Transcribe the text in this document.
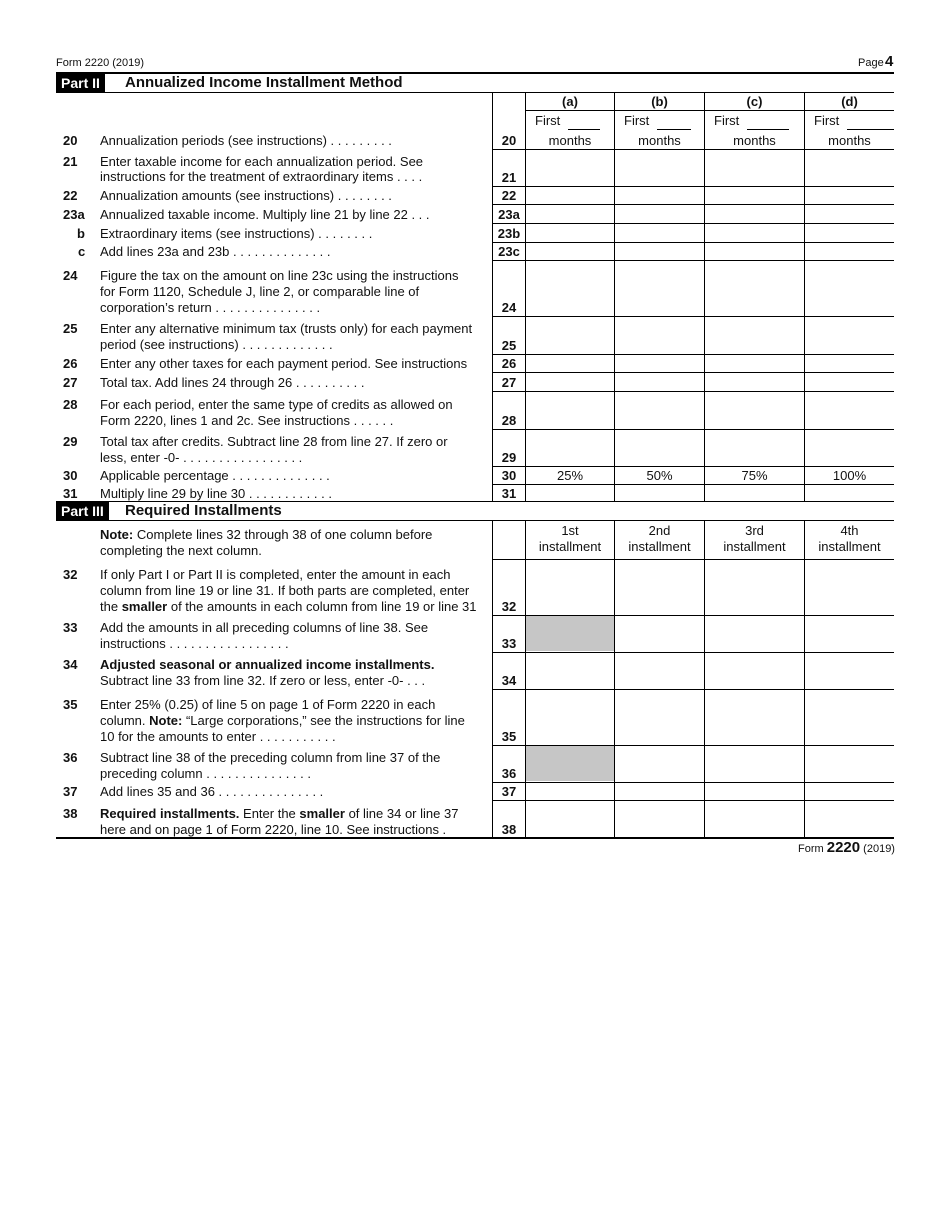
Form 2220 (2019)	Page 4
Part II	Annualized Income Installment Method
(a)	(b)	(c)	(d)
First	First	First	First
months	months	months	months
20 Annualization periods (see instructions) . . . . . . . . .	20
21 Enter taxable income for each annualization period. See
instructions for the treatment of extraordinary items . . . .	21
22 Annualization amounts (see instructions) . . . . . . . .	22
23a Annualized taxable income. Multiply line 21 by line 22 . . .	23a
b Extraordinary items (see instructions) . . . . . . . .	23b
c Add lines 23a and 23b . . . . . . . . . . . . . .	23c
24 Figure the tax on the amount on line 23c using the instructions
for Form 1120, Schedule J, line 2, or comparable line of
corporation’s return . . . . . . . . . . . . . . .	24
25 Enter any alternative minimum tax (trusts only) for each payment
period (see instructions) . . . . . . . . . . . . .	25
26 Enter any other taxes for each payment period. See instructions	26
27 Total tax. Add lines 24 through 26 . . . . . . . . . .	27
28 For each period, enter the same type of credits as allowed on
Form 2220, lines 1 and 2c. See instructions . . . . . .	28
29 Total tax after credits. Subtract line 28 from line 27. If zero or
less, enter -0- . . . . . . . . . . . . . . . . .	29
30 Applicable percentage . . . . . . . . . . . . . .	30	25%	50%	75%	100%
31 Multiply line 29 by line 30 . . . . . . . . . . . .	31
Part III	Required Installments
Note: Complete lines 32 through 38 of one column before
completing the next column.
1st
installment
2nd
installment
3rd
installment
4th
installment
32 If only Part I or Part II is completed, enter the amount in each
column from line 19 or line 31. If both parts are completed, enter
the smaller of the amounts in each column from line 19 or line 31	32
33 Add the amounts in all preceding columns of line 38. See
instructions . . . . . . . . . . . . . . . . .	33
34 Adjusted seasonal or annualized income installments.
Subtract line 33 from line 32. If zero or less, enter -0- . . .	34
35 Enter 25% (0.25) of line 5 on page 1 of Form 2220 in each
column. Note: “Large corporations,” see the instructions for line
10 for the amounts to enter . . . . . . . . . . .	35
36 Subtract line 38 of the preceding column from line 37 of the
preceding column . . . . . . . . . . . . . . .	36
37 Add lines 35 and 36 . . . . . . . . . . . . . . .	37
38 Required installments. Enter the smaller of line 34 or line 37
here and on page 1 of Form 2220, line 10. See instructions .	38
Form 2220 (2019)
